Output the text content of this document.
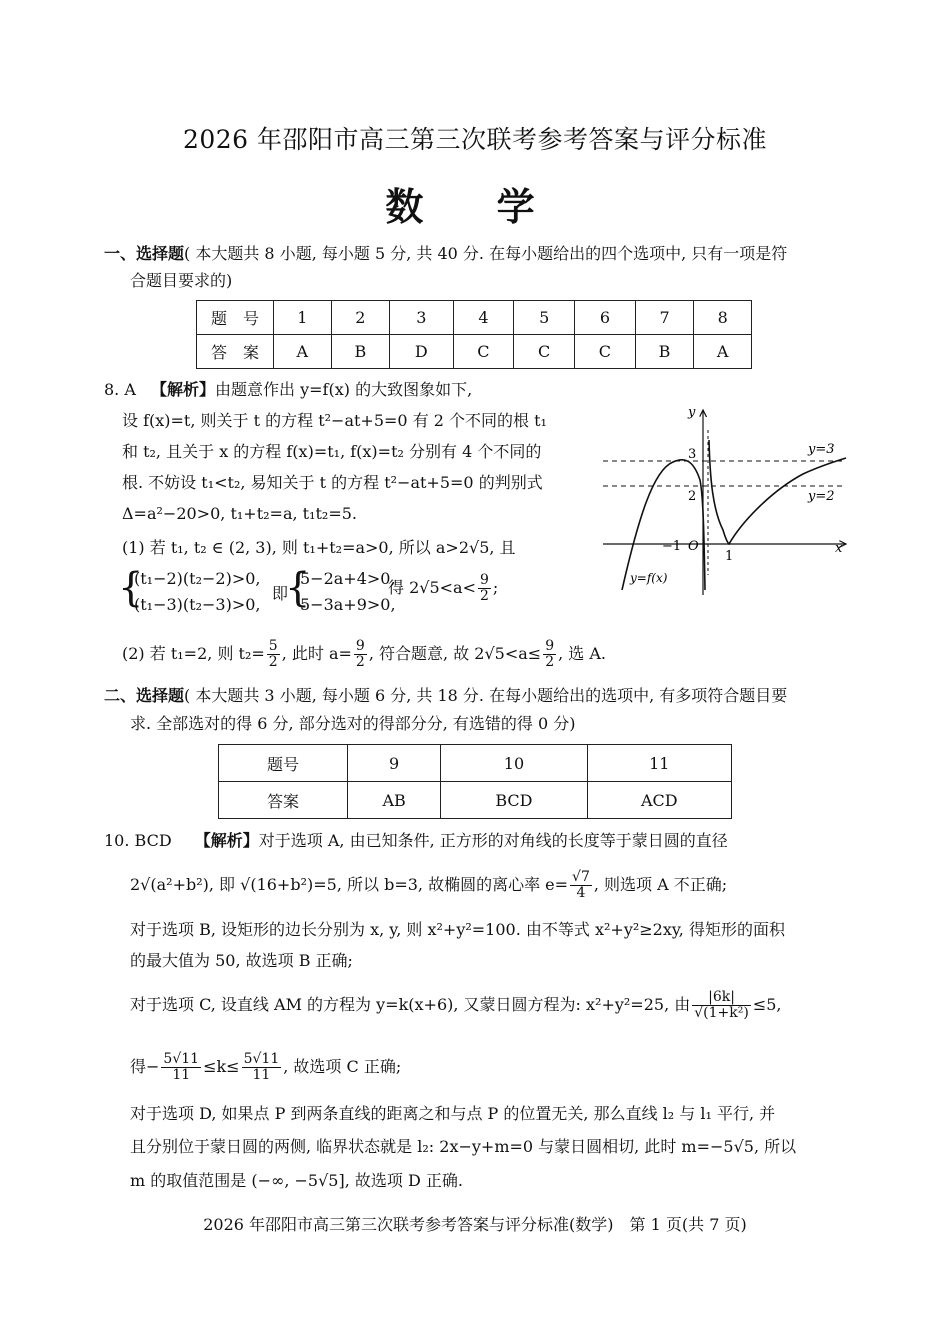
2026 年邵阳市高三第三次联考参考答案与评分标准
数 学
一、选择题( 本大题共 8 小题, 每小题 5 分, 共 40 分. 在每小题给出的四个选项中, 只有一项是符
合题目要求的)
题　号	1	2	3	4	5	6	7	8
答　案	A	B	D	C	C	C	B	A
8. A 【解析】由题意作出 y=f(x) 的大致图象如下,
设 f(x)=t, 则关于 t 的方程 t²−at+5=0 有 2 个不同的根 t₁
和 t₂, 且关于 x 的方程 f(x)=t₁, f(x)=t₂ 分别有 4 个不同的
根. 不妨设 t₁<t₂, 易知关于 t 的方程 t²−at+5=0 的判别式
Δ=a²−20>0, t₁+t₂=a, t₁t₂=5.
(1) 若 t₁, t₂ ∈ (2, 3), 则 t₁+t₂=a>0, 所以 a>2√5, 且
{
(t₁−2)(t₂−2)>0,
(t₁−3)(t₂−3)>0,
即
{
5−2a+4>0,
5−3a+9>0,
得 $2√5<a< \frac{9}{2}$ ;
(2) 若 t₁=2, 则 $t_2= \frac{5}{2}$ , 此时 $a= \frac{9}{2}$ , 符合题意, 故 $2√5<a\le \frac{9}{2}$ , 选 A.
y
x
y=3
y=2
3
2
−1 O
1
y=f(x)
二、选择题( 本大题共 3 小题, 每小题 6 分, 共 18 分. 在每小题给出的选项中, 有多项符合题目要
求. 全部选对的得 6 分, 部分选对的得部分分, 有选错的得 0 分)
题号	9	10	11
答案	AB	BCD	ACD
10. BCD 【解析】对于选项 A, 由已知条件, 正方形的对角线的长度等于蒙日圆的直径
2√(a²+b²), 即 √(16+b²)=5, 所以 b=3, 故椭圆的离心率 $e= \frac{√7}{4}$ , 则选项 A 不正确;
对于选项 B, 设矩形的边长分别为 x, y, 则 x²+y²=100. 由不等式 x²+y²≥2xy, 得矩形的面积
的最大值为 50, 故选项 B 正确;
对于选项 C, 设直线 AM 的方程为 y=k(x+6), 又蒙日圆方程为: x²+y²=25, 由 $\frac{|6k|}{\text{√(1+k²)}} \le 5$,
得− $\frac{5√11}{11} \le k\le \frac{5√11}{11}$ , 故选项 C 正确;
对于选项 D, 如果点 P 到两条直线的距离之和与点 P 的位置无关, 那么直线 l₂ 与 l₁ 平行, 并
且分别位于蒙日圆的两侧, 临界状态就是 l₂: 2x−y+m=0 与蒙日圆相切, 此时 m=−5√5, 所以
m 的取值范围是 (−∞, −5√5], 故选项 D 正确.
2026 年邵阳市高三第三次联考参考答案与评分标准(数学)　第 1 页(共 7 页)
